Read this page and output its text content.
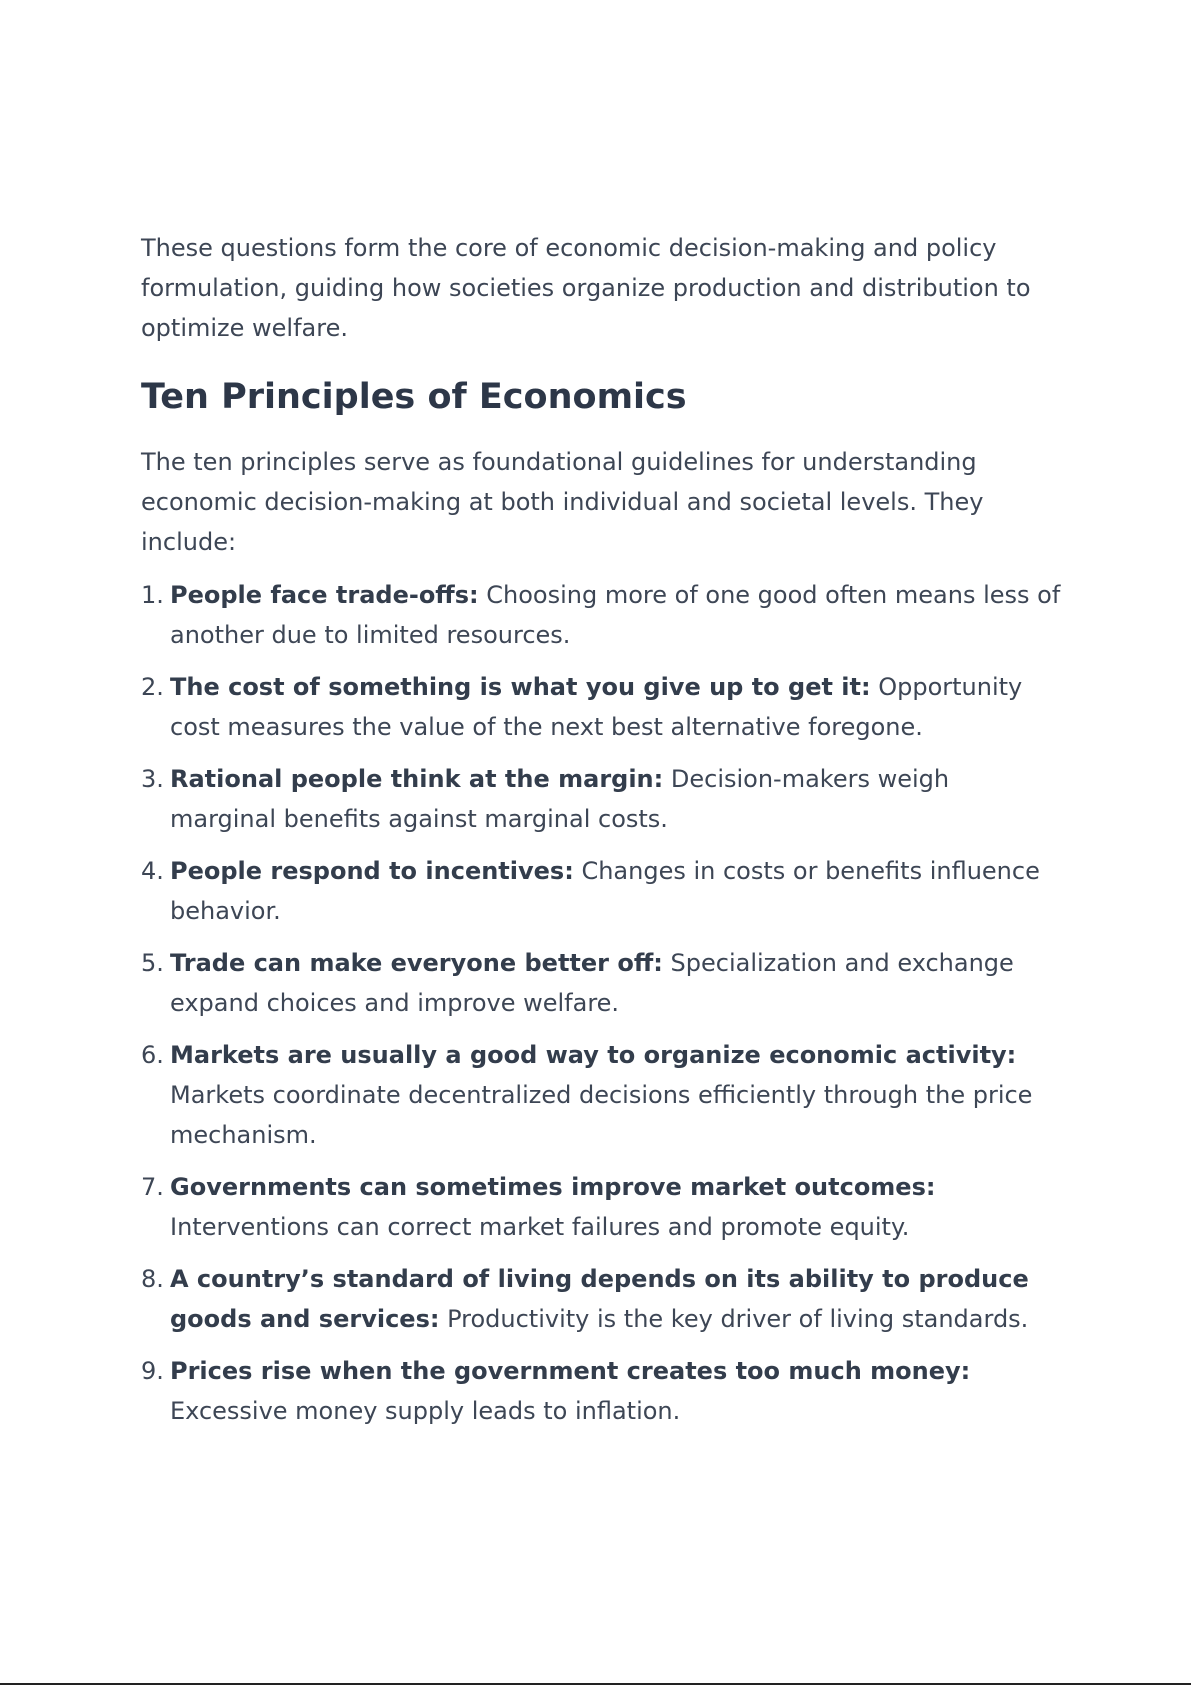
These questions form the core of economic decision-making and policy formulation, guiding how societies organize production and distribution to optimize welfare.

Ten Principles of Economics

The ten principles serve as foundational guidelines for understanding economic decision-making at both individual and societal levels. They include:

1. People face trade-offs: Choosing more of one good often means less of another due to limited resources.
2. The cost of something is what you give up to get it: Opportunity cost measures the value of the next best alternative foregone.
3. Rational people think at the margin: Decision-makers weigh marginal benefits against marginal costs.
4. People respond to incentives: Changes in costs or benefits influence behavior.
5. Trade can make everyone better off: Specialization and exchange expand choices and improve welfare.
6. Markets are usually a good way to organize economic activity: Markets coordinate decentralized decisions efficiently through the price mechanism.
7. Governments can sometimes improve market outcomes: Interventions can correct market failures and promote equity.
8. A country’s standard of living depends on its ability to produce goods and services: Productivity is the key driver of living standards.
9. Prices rise when the government creates too much money: Excessive money supply leads to inflation.
